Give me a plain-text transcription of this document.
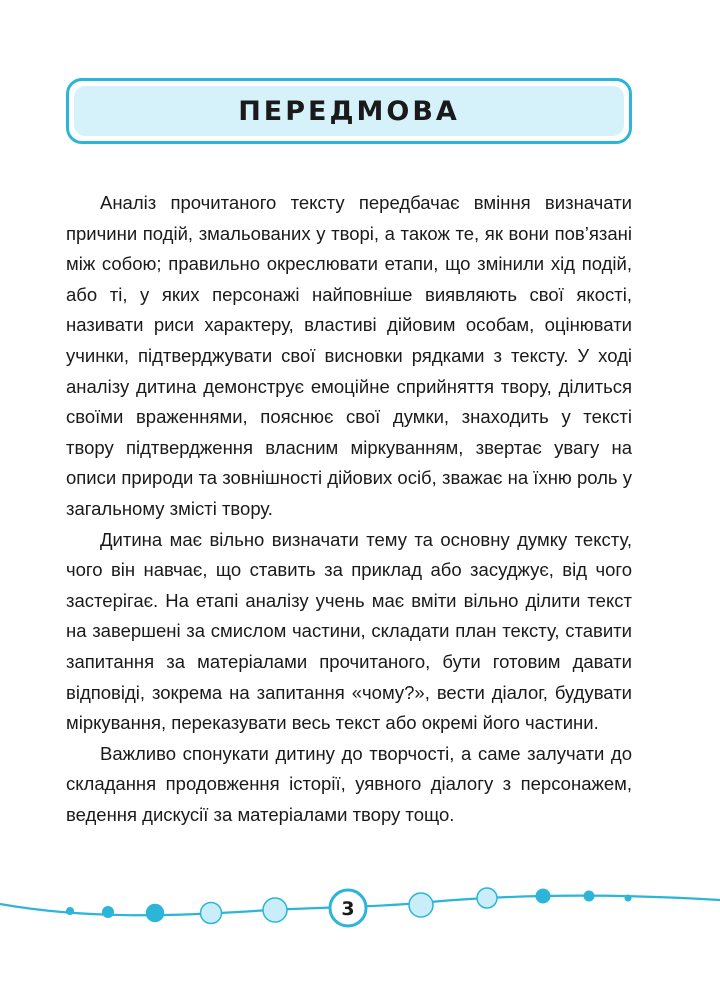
ПЕРЕДМОВА

Аналіз прочитаного тексту передбачає вміння визначати причини подій, змальованих у творі, а також те, як вони пов’язані між собою; правильно окреслювати етапи, що змінили хід подій, або ті, у яких персонажі найповніше виявляють свої якості, називати риси характеру, властиві дійовим особам, оцінювати учинки, підтверджувати свої висновки рядками з тексту. У ході аналізу дитина демонструє емоційне сприйняття твору, ділиться своїми враженнями, пояснює свої думки, знаходить у тексті твору підтвердження власним міркуванням, звертає увагу на описи природи та зовнішності дійових осіб, зважає на їхню роль у загальному змісті твору.

Дитина має вільно визначати тему та основну думку тексту, чого він навчає, що ставить за приклад або засуджує, від чого застерігає. На етапі аналізу учень має вміти вільно ділити текст на завершені за смислом частини, складати план тексту, ставити запитання за матеріалами прочитаного, бути готовим давати відповіді, зокрема на запитання «чому?», вести діалог, будувати міркування, переказувати весь текст або окремі його частини.

Важливо спонукати дитину до творчості, а саме залучати до складання продовження історії, уявного діалогу з персонажем, ведення дискусії за матеріалами твору тощо.

3
